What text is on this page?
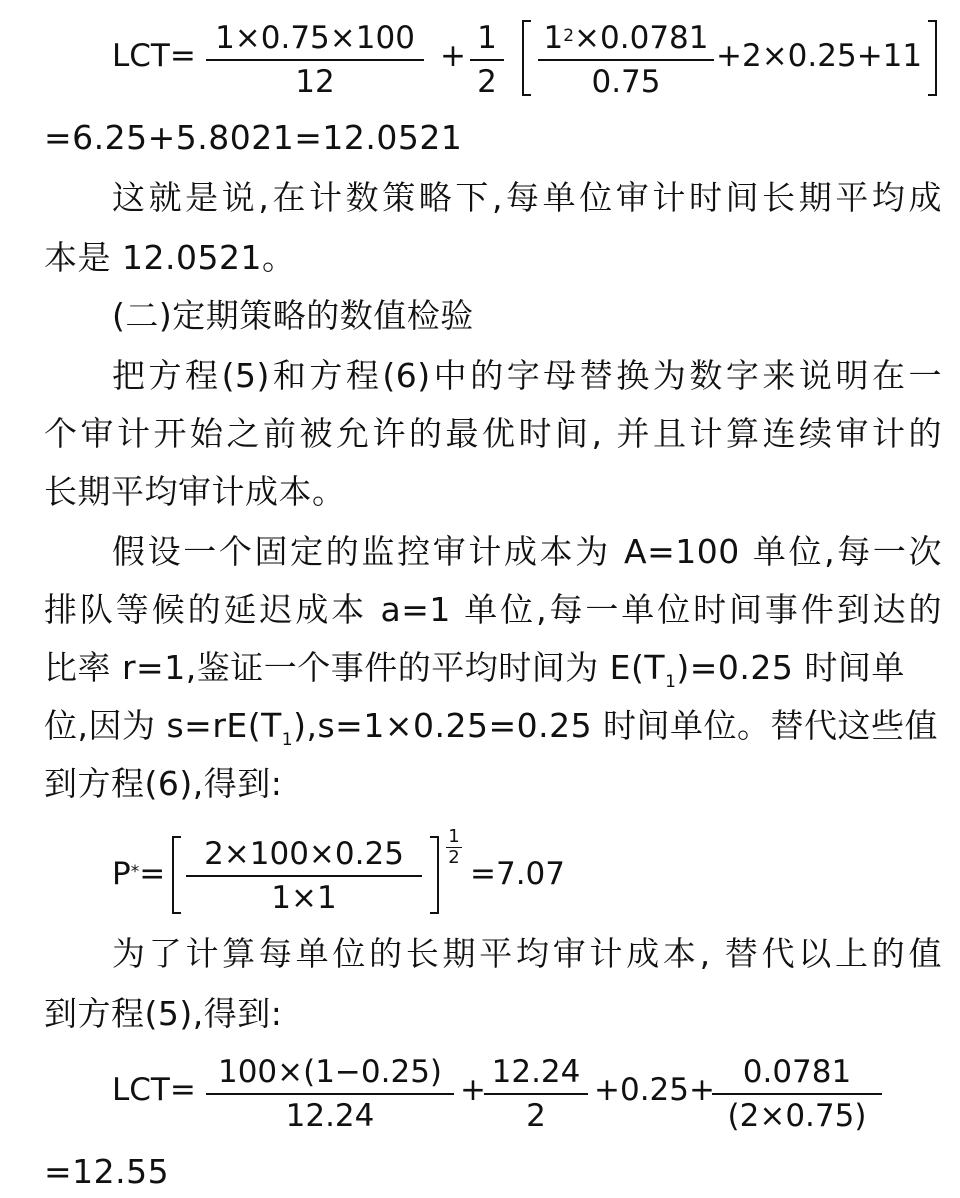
LCT= 1×0.75×100
12
+ 1
2
$1^2\times 0.0781$
0.75
+2×0.25+11
=6.25+5.8021=12.0521
这就是说,在计数策略下,每单位审计时间长期平均成
本是 12.0521。
(二)定期策略的数值检验
把方程(5)和方程(6)中的字母替换为数字来说明在一
个审计开始之前被允许的最优时间, 并且计算连续审计的
长期平均审计成本。
假设一个固定的监控审计成本为 A=100 单位,每一次
排队等候的延迟成本 a=1 单位,每一单位时间事件到达的
比率 r=1,鉴证一个事件的平均时间为 $E(T_1)=0.25$ 时间单
位,因为 $s=rE(T_1),s=1\times 0.25=0.25$ 时间单位。替代这些值
到方程(6),得到:
P*=
2×100×0.25
1×1
1
2 =7.07
为了计算每单位的长期平均审计成本, 替代以上的值
到方程(5),得到:
LCT= 100×(1−0.25)
12.24
+ 12.24
2
+0.25+ 0.0781
(2×0.75)
=12.55
